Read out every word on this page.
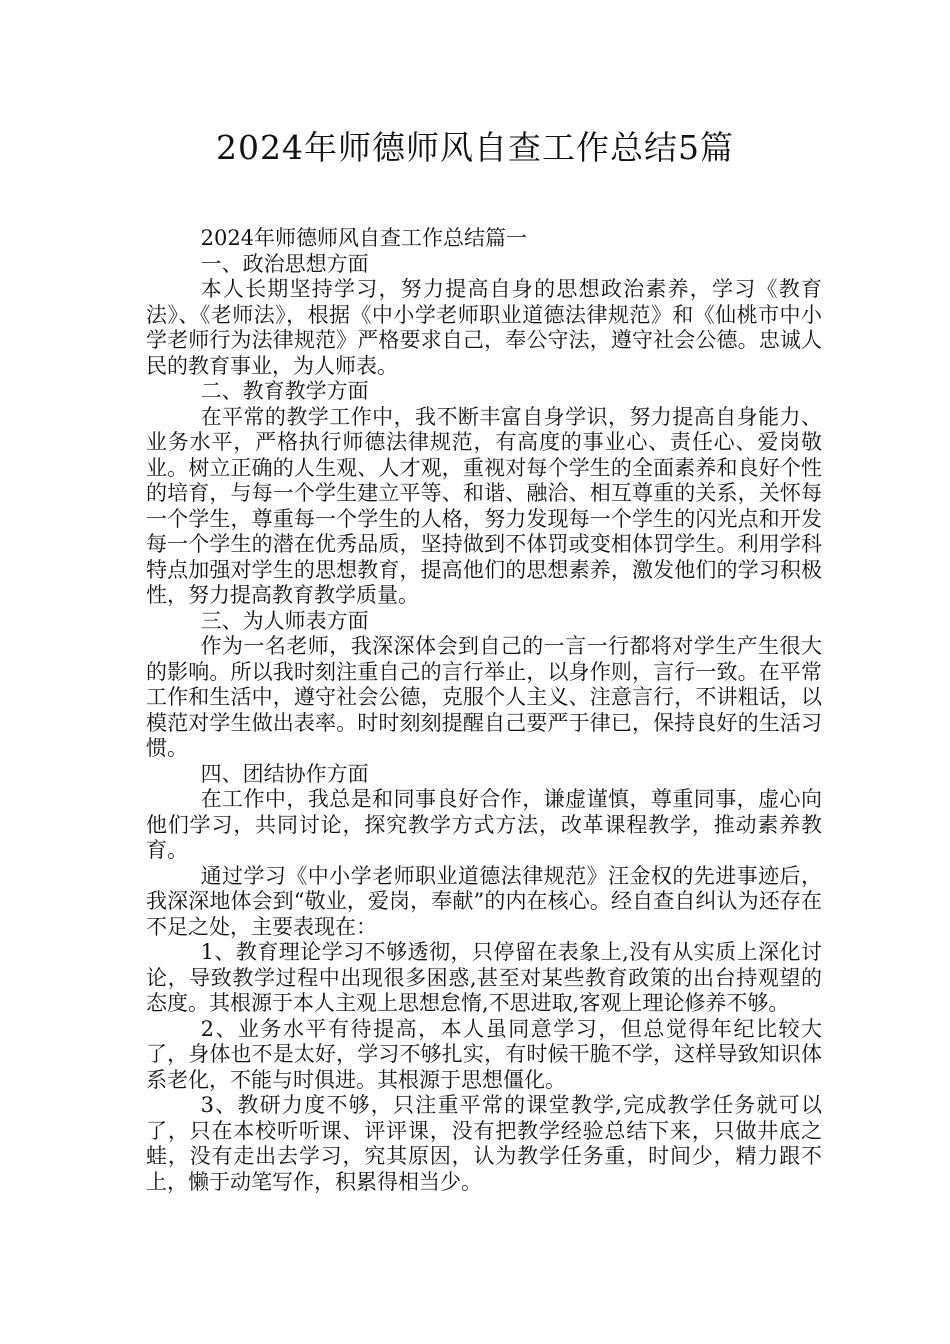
2024年师德师风自查工作总结5篇

2024年师德师风自查工作总结篇一

一、政治思想方面

本人长期坚持学习，努力提高自身的思想政治素养，学习《教育法》、《老师法》，根据《中小学老师职业道德法律规范》和《仙桃市中小学老师行为法律规范》严格要求自己，奉公守法，遵守社会公德。忠诚人民的教育事业，为人师表。

二、教育教学方面

在平常的教学工作中，我不断丰富自身学识，努力提高自身能力、业务水平，严格执行师德法律规范，有高度的事业心、责任心、爱岗敬业。树立正确的人生观、人才观，重视对每个学生的全面素养和良好个性的培育，与每一个学生建立平等、和谐、融洽、相互尊重的关系，关怀每一个学生，尊重每一个学生的人格，努力发现每一个学生的闪光点和开发每一个学生的潜在优秀品质，坚持做到不体罚或变相体罚学生。利用学科特点加强对学生的思想教育，提高他们的思想素养，激发他们的学习积极性，努力提高教育教学质量。

三、为人师表方面

作为一名老师，我深深体会到自己的一言一行都将对学生产生很大的影响。所以我时刻注重自己的言行举止，以身作则，言行一致。在平常工作和生活中，遵守社会公德，克服个人主义、注意言行，不讲粗话，以模范对学生做出表率。时时刻刻提醒自己要严于律已，保持良好的生活习惯。

四、团结协作方面

在工作中，我总是和同事良好合作，谦虚谨慎，尊重同事，虚心向他们学习，共同讨论，探究教学方式方法，改革课程教学，推动素养教育。

通过学习《中小学老师职业道德法律规范》汪金权的先进事迹后，我深深地体会到“敬业，爱岗，奉献”的内在核心。经自查自纠认为还存在不足之处，主要表现在：

1、教育理论学习不够透彻，只停留在表象上,没有从实质上深化讨论，导致教学过程中出现很多困惑,甚至对某些教育政策的出台持观望的态度。其根源于本人主观上思想怠惰,不思进取,客观上理论修养不够。

2、业务水平有待提高，本人虽同意学习，但总觉得年纪比较大了，身体也不是太好，学习不够扎实，有时候干脆不学，这样导致知识体系老化，不能与时俱进。其根源于思想僵化。

3、教研力度不够，只注重平常的课堂教学,完成教学任务就可以了，只在本校听听课、评评课，没有把教学经验总结下来，只做井底之蛙，没有走出去学习，究其原因，认为教学任务重，时间少，精力跟不上，懒于动笔写作，积累得相当少。
